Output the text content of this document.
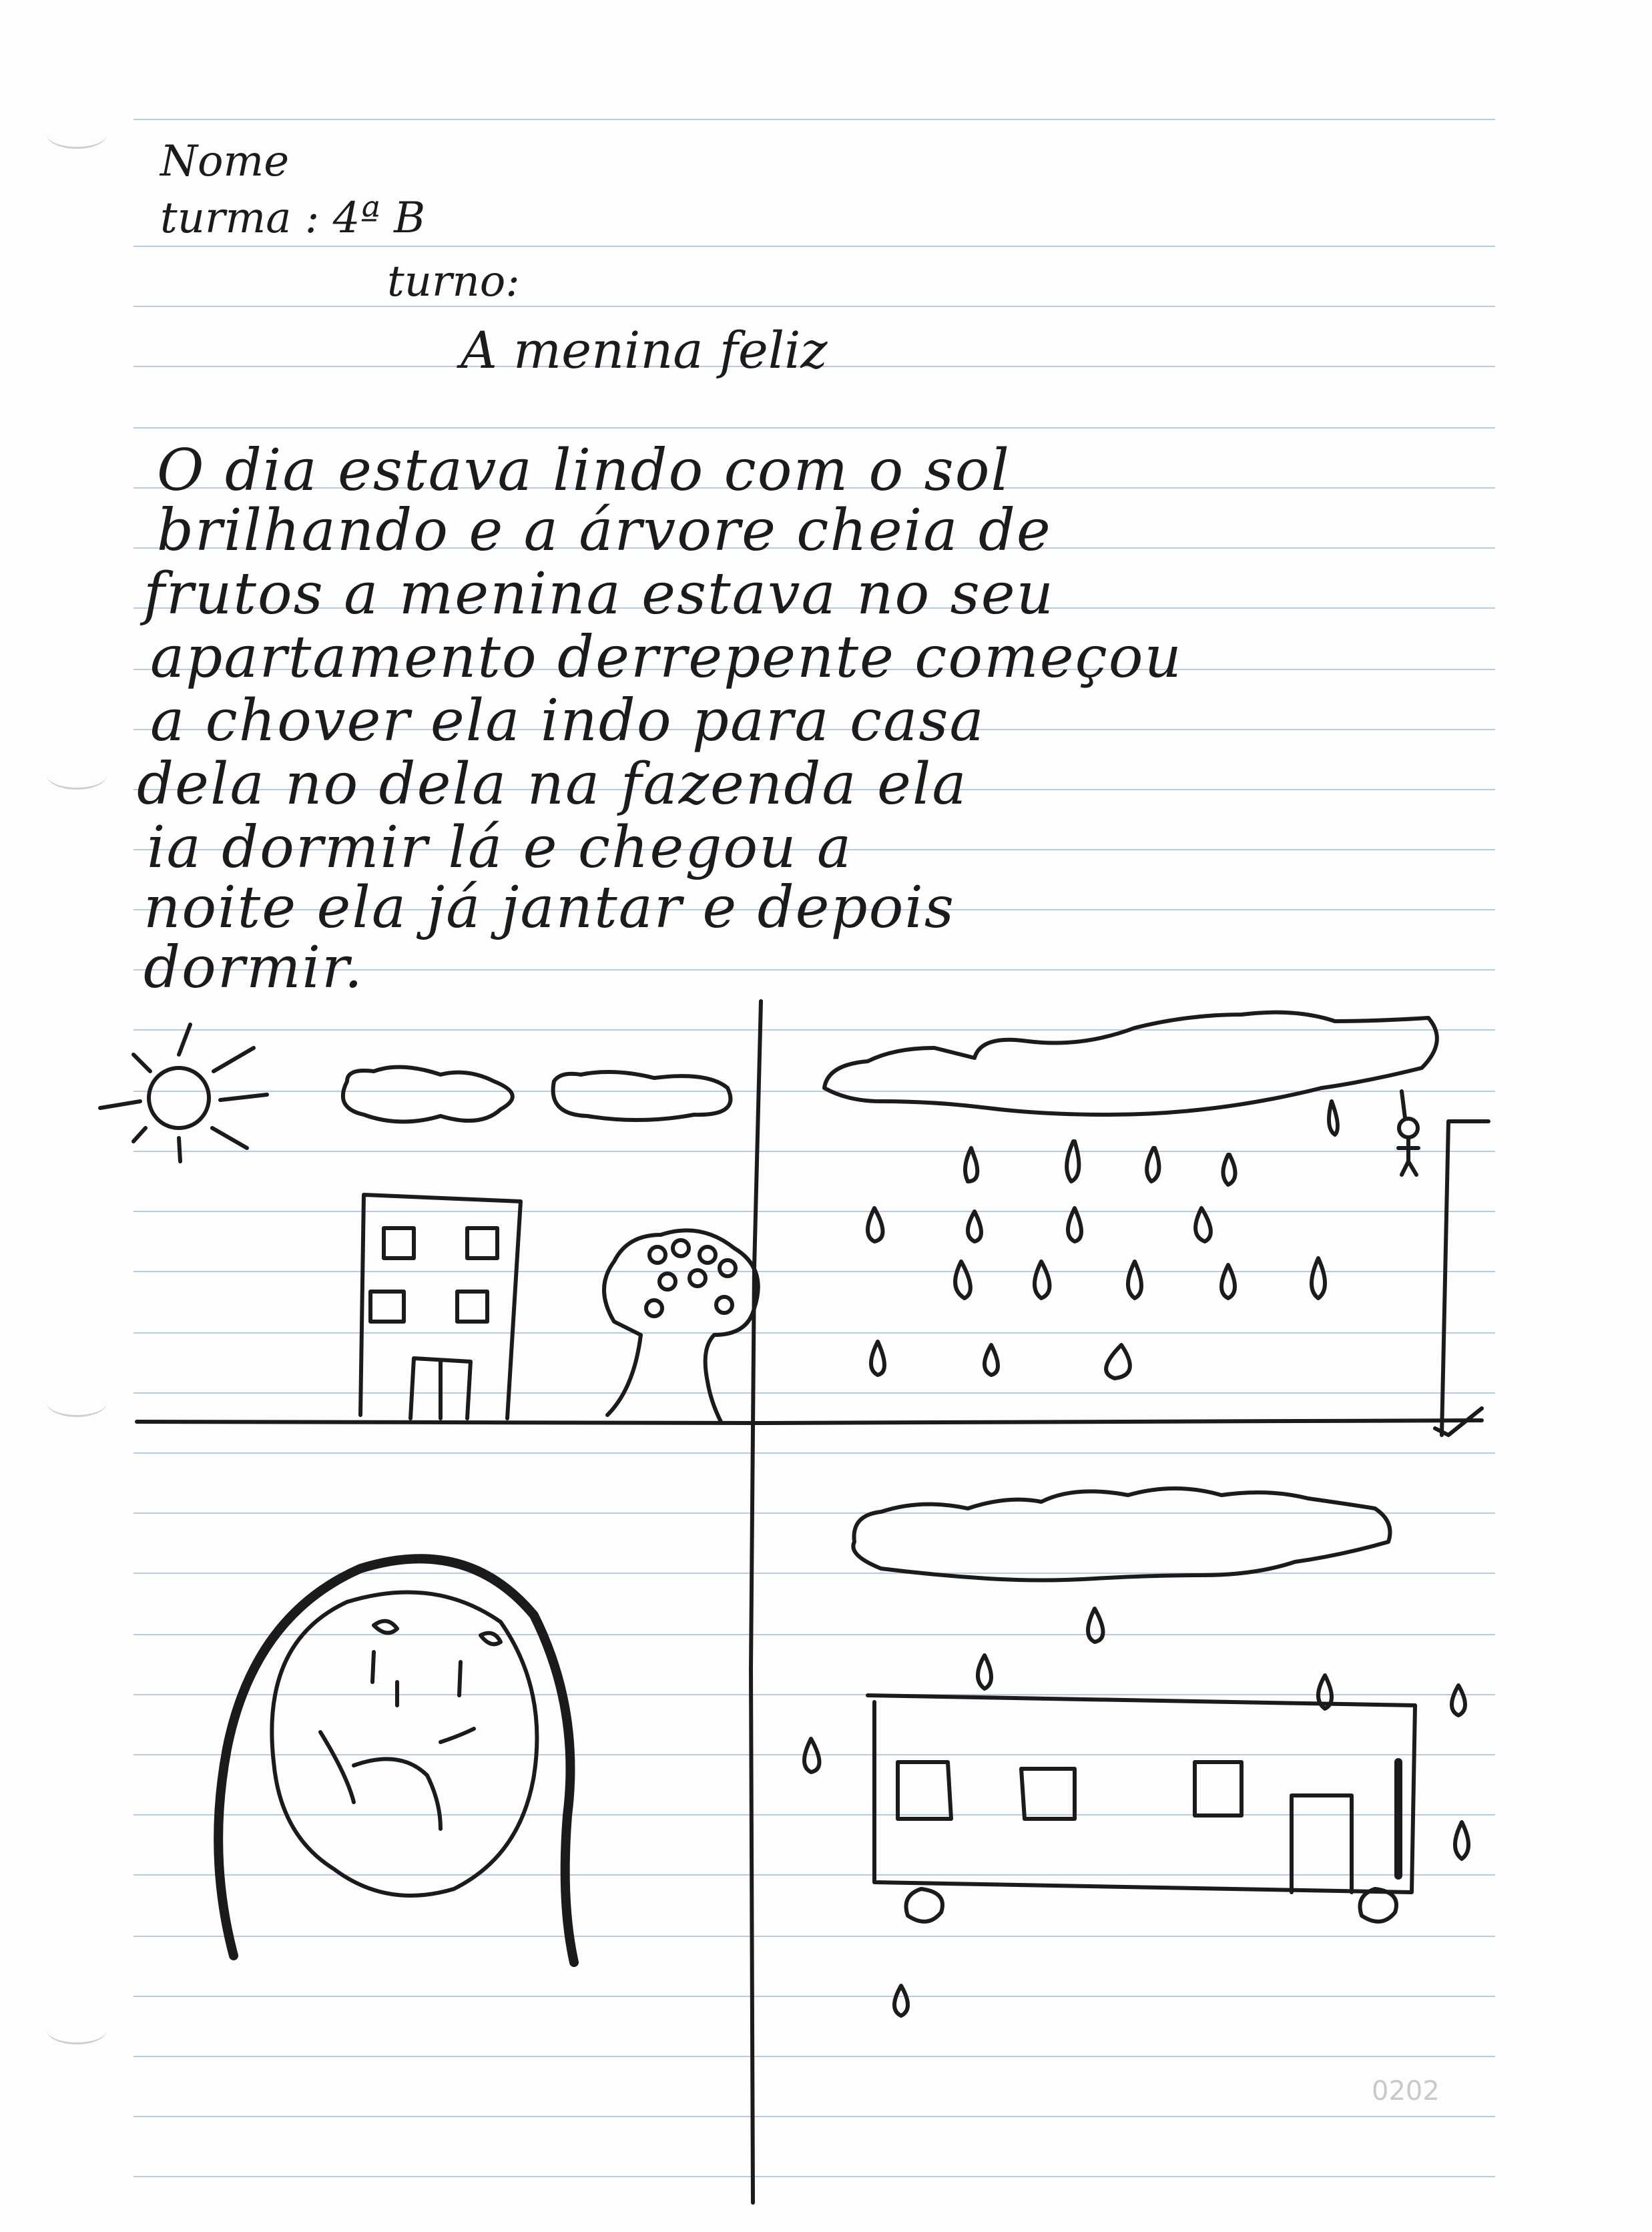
Nome
turma : 4ª B
turno:
A menina feliz
O dia estava lindo com o sol
brilhando e a árvore cheia de
frutos a menina estava no seu
apartamento derrepente começou
a chover ela indo para casa
dela no dela na fazenda ela
ia dormir lá e chegou a
noite ela já jantar e depois
dormir.
0202
